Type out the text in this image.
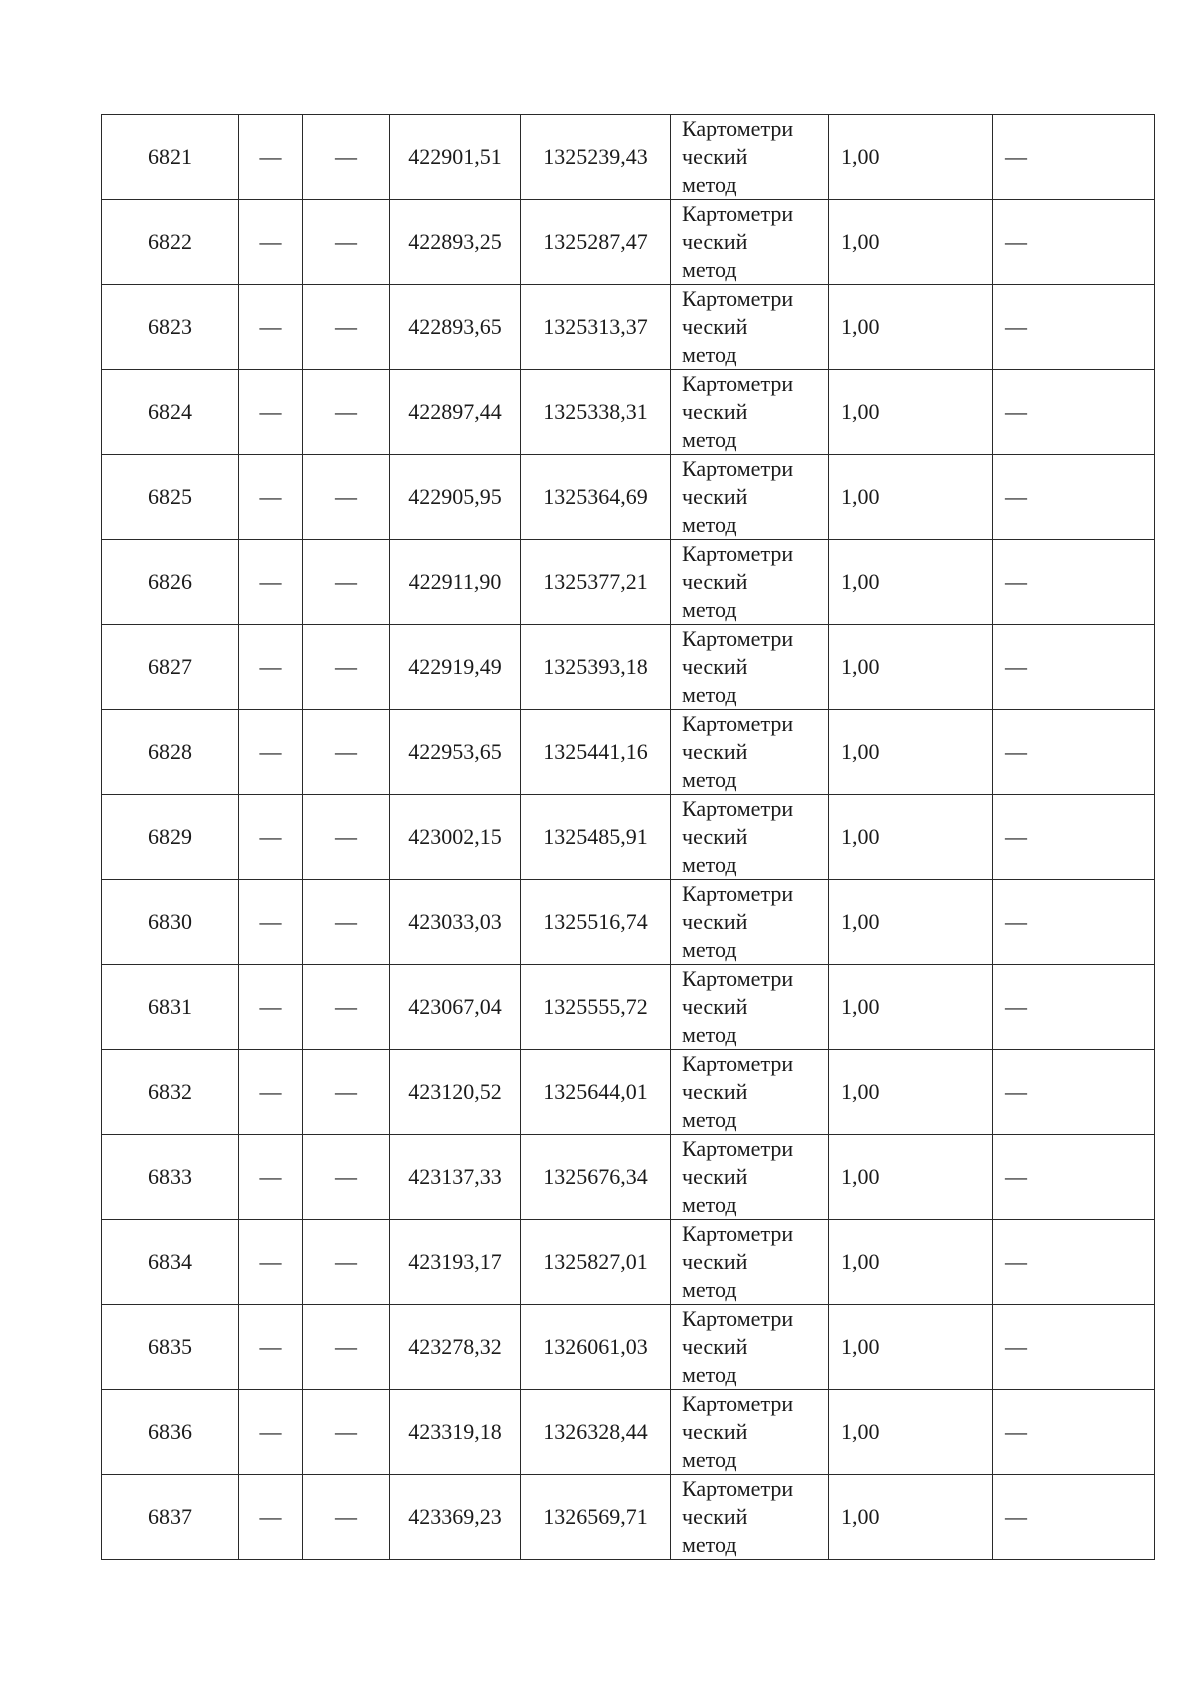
6821	—	—	422901,51	1325239,43	Картометри
ческий
метод	1,00	—
6822	—	—	422893,25	1325287,47	Картометри
ческий
метод	1,00	—
6823	—	—	422893,65	1325313,37	Картометри
ческий
метод	1,00	—
6824	—	—	422897,44	1325338,31	Картометри
ческий
метод	1,00	—
6825	—	—	422905,95	1325364,69	Картометри
ческий
метод	1,00	—
6826	—	—	422911,90	1325377,21	Картометри
ческий
метод	1,00	—
6827	—	—	422919,49	1325393,18	Картометри
ческий
метод	1,00	—
6828	—	—	422953,65	1325441,16	Картометри
ческий
метод	1,00	—
6829	—	—	423002,15	1325485,91	Картометри
ческий
метод	1,00	—
6830	—	—	423033,03	1325516,74	Картометри
ческий
метод	1,00	—
6831	—	—	423067,04	1325555,72	Картометри
ческий
метод	1,00	—
6832	—	—	423120,52	1325644,01	Картометри
ческий
метод	1,00	—
6833	—	—	423137,33	1325676,34	Картометри
ческий
метод	1,00	—
6834	—	—	423193,17	1325827,01	Картометри
ческий
метод	1,00	—
6835	—	—	423278,32	1326061,03	Картометри
ческий
метод	1,00	—
6836	—	—	423319,18	1326328,44	Картометри
ческий
метод	1,00	—
6837	—	—	423369,23	1326569,71	Картометри
ческий
метод	1,00	—
